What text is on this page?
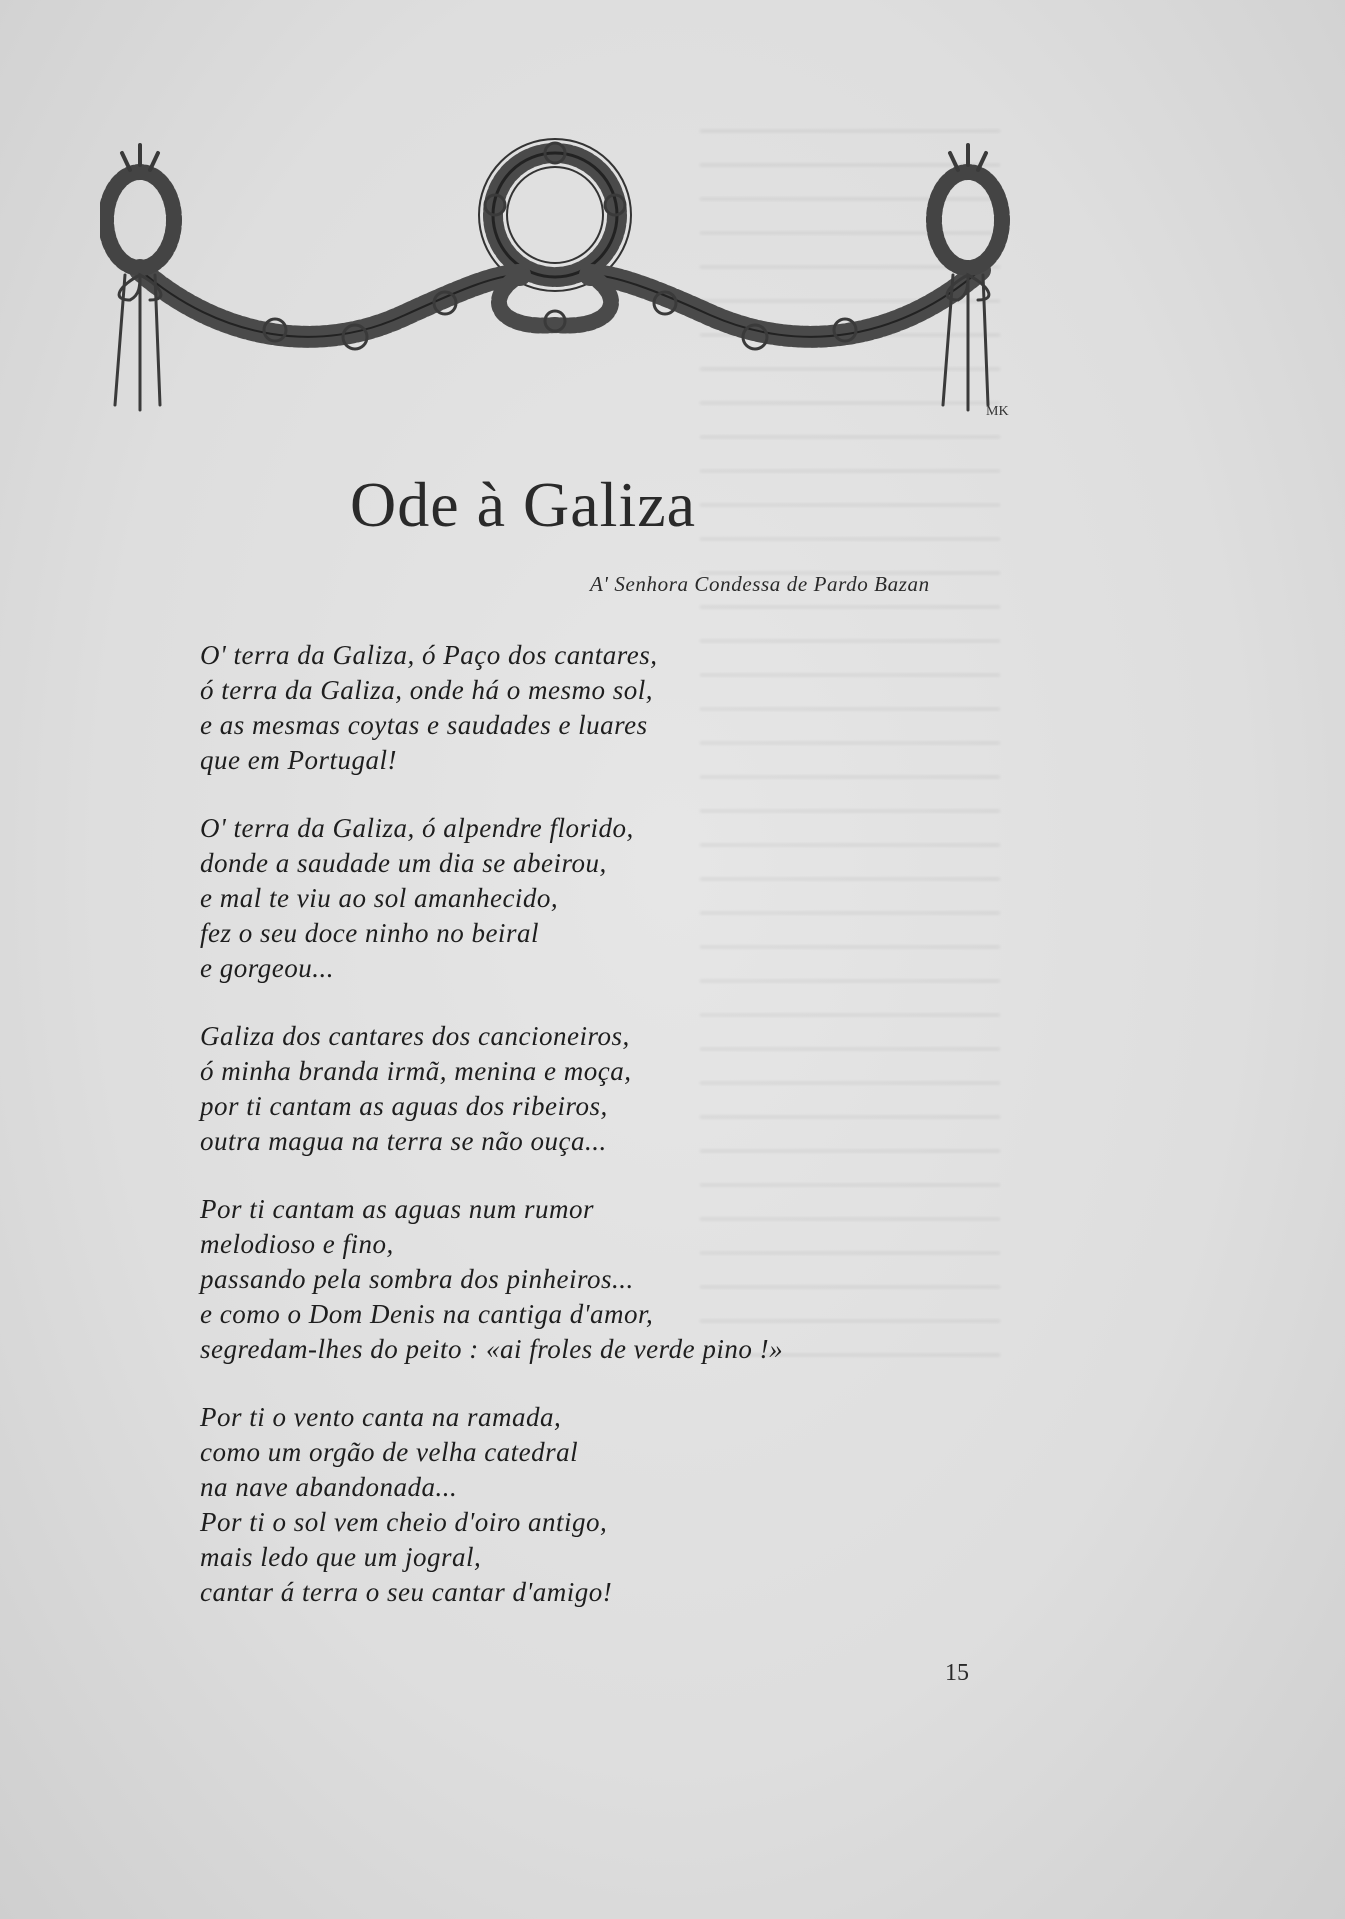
MK
Ode à Galiza

A' Senhora Condessa de Pardo Bazan

O' terra da Galiza, ó Paço dos cantares,
ó terra da Galiza, onde há o mesmo sol,
e as mesmas coytas e saudades e luares
que em Portugal!
O' terra da Galiza, ó alpendre florido,
donde a saudade um dia se abeirou,
e mal te viu ao sol amanhecido,
fez o seu doce ninho no beiral
e gorgeou...
Galiza dos cantares dos cancioneiros,
ó minha branda irmã, menina e moça,
por ti cantam as aguas dos ribeiros,
outra magua na terra se não ouça...
Por ti cantam as aguas num rumor
melodioso e fino,
passando pela sombra dos pinheiros...
e como o Dom Denis na cantiga d'amor,
segredam-lhes do peito : «ai froles de verde pino !»
Por ti o vento canta na ramada,
como um orgão de velha catedral
na nave abandonada...
Por ti o sol vem cheio d'oiro antigo,
mais ledo que um jogral,
cantar á terra o seu cantar d'amigo!
15
